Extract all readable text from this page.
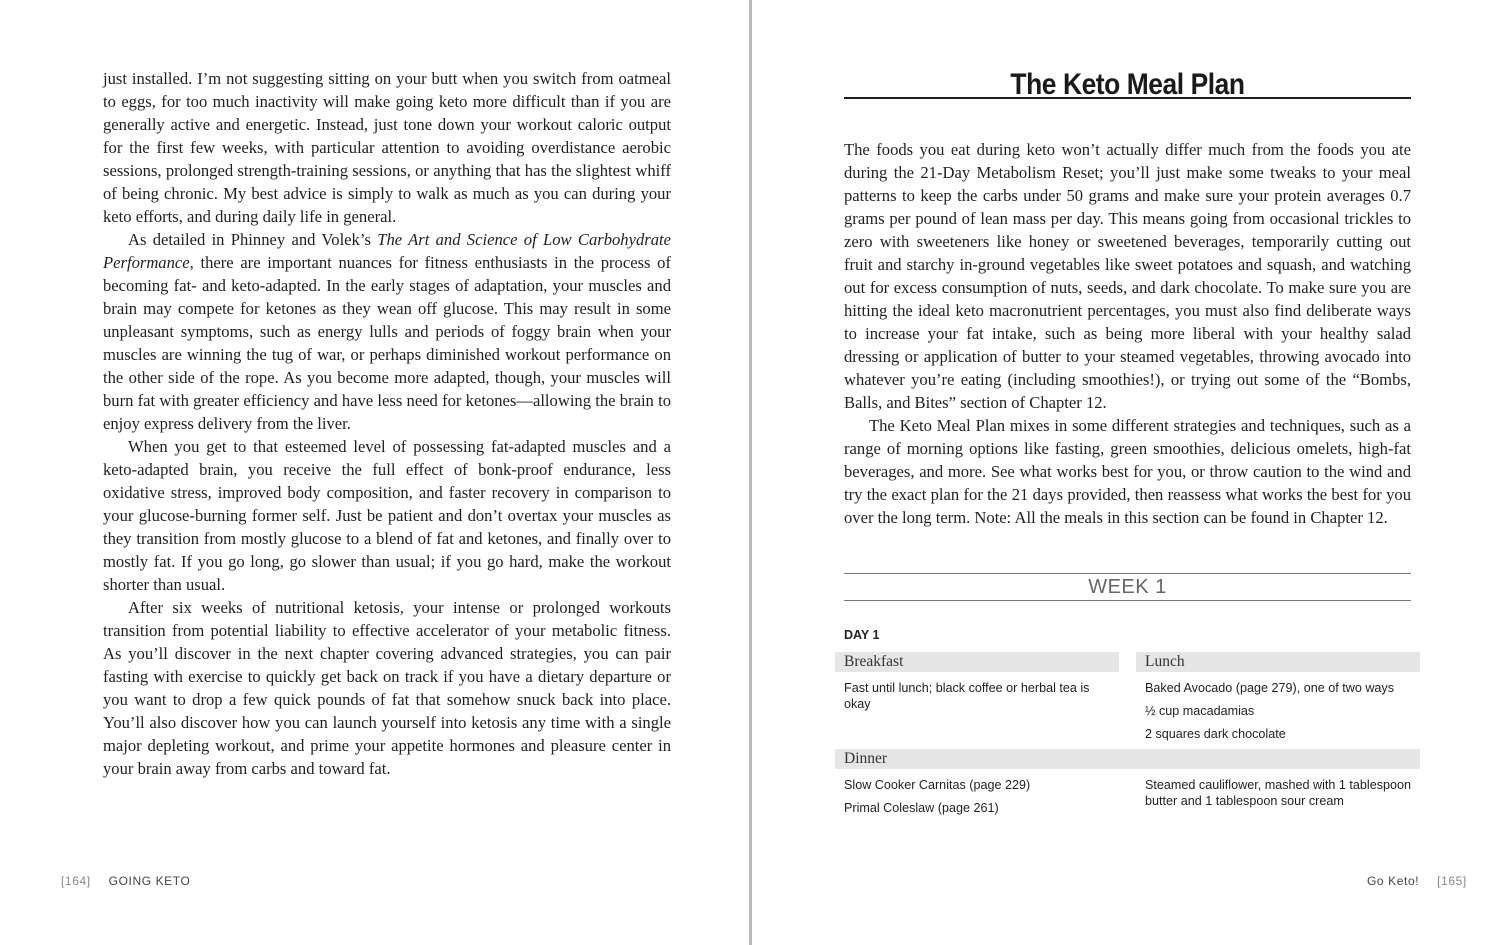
just installed. I’m not suggesting sitting on your butt when you switch from oatmeal to eggs, for too much inactivity will make going keto more difficult than if you are generally active and energetic. Instead, just tone down your workout caloric output for the first few weeks, with particular attention to avoiding overdistance aerobic sessions, prolonged strength-training sessions, or anything that has the slightest whiff of being chronic. My best advice is simply to walk as much as you can during your keto efforts, and during daily life in general.

As detailed in Phinney and Volek’s The Art and Science of Low Carbohydrate Performance, there are important nuances for fitness enthusiasts in the process of becoming fat- and keto-adapted. In the early stages of adaptation, your muscles and brain may compete for ketones as they wean off glucose. This may result in some unpleasant symptoms, such as energy lulls and periods of foggy brain when your muscles are winning the tug of war, or perhaps diminished workout performance on the other side of the rope. As you become more adapted, though, your muscles will burn fat with greater efficiency and have less need for ketones—allowing the brain to enjoy express delivery from the liver.

When you get to that esteemed level of possessing fat-adapted muscles and a keto-adapted brain, you receive the full effect of bonk-proof endurance, less oxidative stress, improved body composition, and faster recovery in comparison to your glucose-burning former self. Just be patient and don’t overtax your muscles as they transition from mostly glucose to a blend of fat and ketones, and finally over to mostly fat. If you go long, go slower than usual; if you go hard, make the workout shorter than usual.

After six weeks of nutritional ketosis, your intense or prolonged workouts transition from potential liability to effective accelerator of your metabolic fitness. As you’ll discover in the next chapter covering advanced strategies, you can pair fasting with exercise to quickly get back on track if you have a dietary departure or you want to drop a few quick pounds of fat that somehow snuck back into place. You’ll also discover how you can launch yourself into ketosis any time with a single major depleting workout, and prime your appetite hormones and pleasure center in your brain away from carbs and toward fat.

[164] GOING KETO
The Keto Meal Plan

The foods you eat during keto won’t actually differ much from the foods you ate during the 21-Day Metabolism Reset; you’ll just make some tweaks to your meal patterns to keep the carbs under 50 grams and make sure your protein averages 0.7 grams per pound of lean mass per day. This means going from occasional trickles to zero with sweeteners like honey or sweetened beverages, temporarily cutting out fruit and starchy in-ground vegetables like sweet potatoes and squash, and watching out for excess consumption of nuts, seeds, and dark chocolate. To make sure you are hitting the ideal keto macronutrient percentages, you must also find deliberate ways to increase your fat intake, such as being more liberal with your healthy salad dressing or application of butter to your steamed vegetables, throwing avocado into whatever you’re eating (including smoothies!), or trying out some of the “Bombs, Balls, and Bites” section of Chapter 12.

The Keto Meal Plan mixes in some different strategies and techniques, such as a range of morning options like fasting, green smoothies, delicious omelets, high-fat beverages, and more. See what works best for you, or throw caution to the wind and try the exact plan for the 21 days provided, then reassess what works the best for you over the long term. Note: All the meals in this section can be found in Chapter 12.

WEEK 1
DAY 1
Breakfast
Fast until lunch; black coffee or herbal tea is okay
Lunch
Baked Avocado (page 279), one of two ways
½ cup macadamias
2 squares dark chocolate
Dinner
Slow Cooker Carnitas (page 229)
Primal Coleslaw (page 261)
Steamed cauliflower, mashed with 1 tablespoon butter and 1 tablespoon sour cream
Go Keto! [165]
